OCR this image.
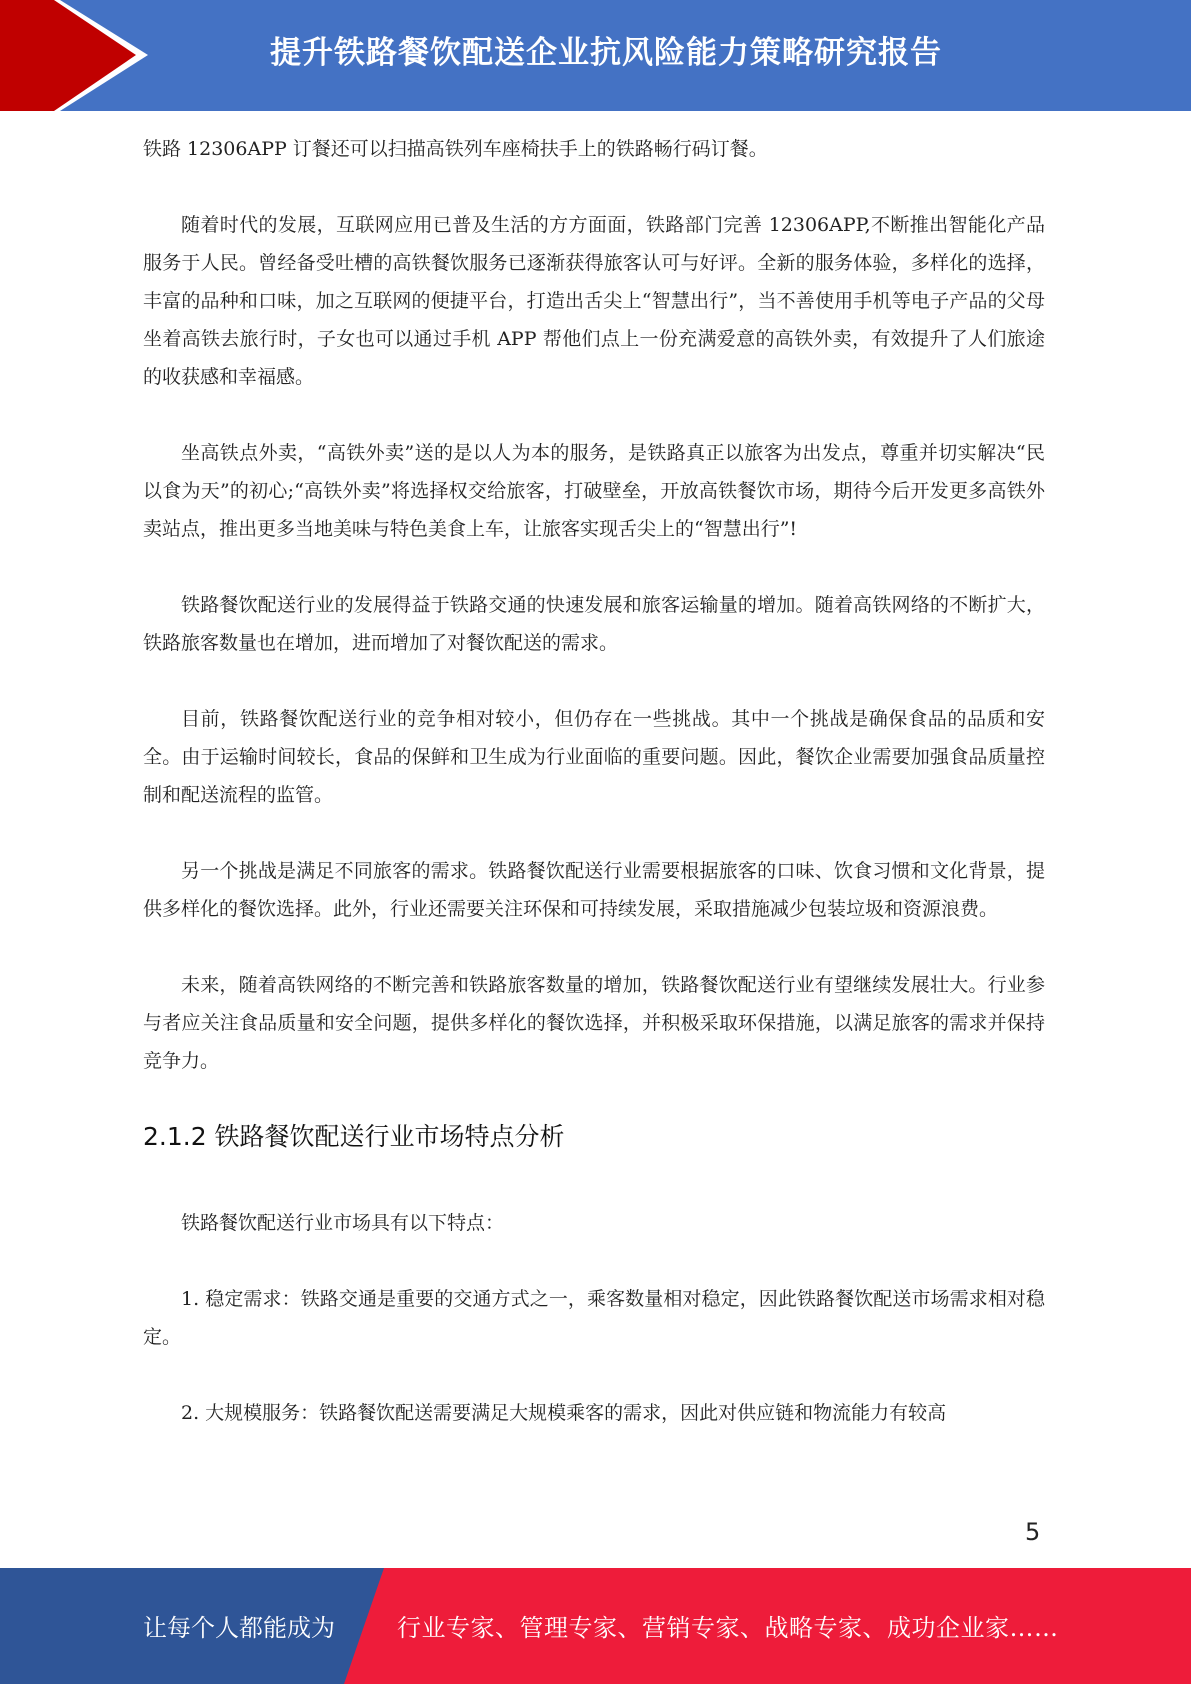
提升铁路餐饮配送企业抗风险能力策略研究报告

铁路 12306APP 订餐还可以扫描高铁列车座椅扶手上的铁路畅行码订餐。

随着时代的发展，互联网应用已普及生活的方方面面，铁路部门完善 12306APP,不断推出智能化产品服务于人民。曾经备受吐槽的高铁餐饮服务已逐渐获得旅客认可与好评。全新的服务体验，多样化的选择，丰富的品种和口味，加之互联网的便捷平台，打造出舌尖上“智慧出行”，当不善使用手机等电子产品的父母坐着高铁去旅行时，子女也可以通过手机 APP 帮他们点上一份充满爱意的高铁外卖，有效提升了人们旅途的收获感和幸福感。

坐高铁点外卖，“高铁外卖”送的是以人为本的服务，是铁路真正以旅客为出发点，尊重并切实解决“民以食为天”的初心;“高铁外卖”将选择权交给旅客，打破壁垒，开放高铁餐饮市场，期待今后开发更多高铁外卖站点，推出更多当地美味与特色美食上车，让旅客实现舌尖上的“智慧出行”!

铁路餐饮配送行业的发展得益于铁路交通的快速发展和旅客运输量的增加。随着高铁网络的不断扩大，铁路旅客数量也在增加，进而增加了对餐饮配送的需求。

目前，铁路餐饮配送行业的竞争相对较小，但仍存在一些挑战。其中一个挑战是确保食品的品质和安全。由于运输时间较长，食品的保鲜和卫生成为行业面临的重要问题。因此，餐饮企业需要加强食品质量控制和配送流程的监管。

另一个挑战是满足不同旅客的需求。铁路餐饮配送行业需要根据旅客的口味、饮食习惯和文化背景，提供多样化的餐饮选择。此外，行业还需要关注环保和可持续发展，采取措施减少包装垃圾和资源浪费。

未来，随着高铁网络的不断完善和铁路旅客数量的增加，铁路餐饮配送行业有望继续发展壮大。行业参与者应关注食品质量和安全问题，提供多样化的餐饮选择，并积极采取环保措施，以满足旅客的需求并保持竞争力。

2.1.2 铁路餐饮配送行业市场特点分析

铁路餐饮配送行业市场具有以下特点：

1. 稳定需求：铁路交通是重要的交通方式之一，乘客数量相对稳定，因此铁路餐饮配送市场需求相对稳定。

2. 大规模服务：铁路餐饮配送需要满足大规模乘客的需求，因此对供应链和物流能力有较高

5
让每个人都能成为	行业专家、管理专家、营销专家、战略专家、成功企业家……
